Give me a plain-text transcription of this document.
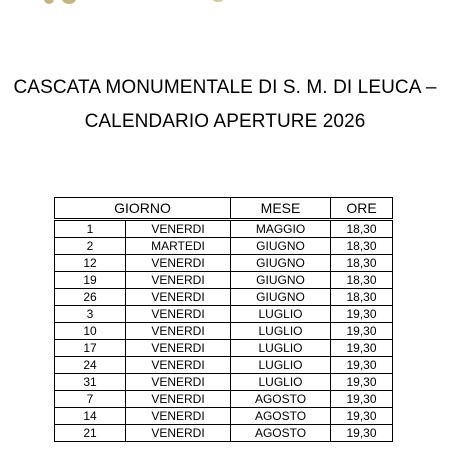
CASCATA MONUMENTALE DI S. M. DI LEUCA –
CALENDARIO APERTURE 2026
GIORNO		MESE	ORE
1	VENERDI	MAGGIO	18,30
2	MARTEDI	GIUGNO	18,30
12	VENERDI	GIUGNO	18,30
19	VENERDI	GIUGNO	18,30
26	VENERDI	GIUGNO	18,30
3	VENERDI	LUGLIO	19,30
10	VENERDI	LUGLIO	19,30
17	VENERDI	LUGLIO	19,30
24	VENERDI	LUGLIO	19,30
31	VENERDI	LUGLIO	19,30
7	VENERDI	AGOSTO	19,30
14	VENERDI	AGOSTO	19,30
21	VENERDI	AGOSTO	19,30
